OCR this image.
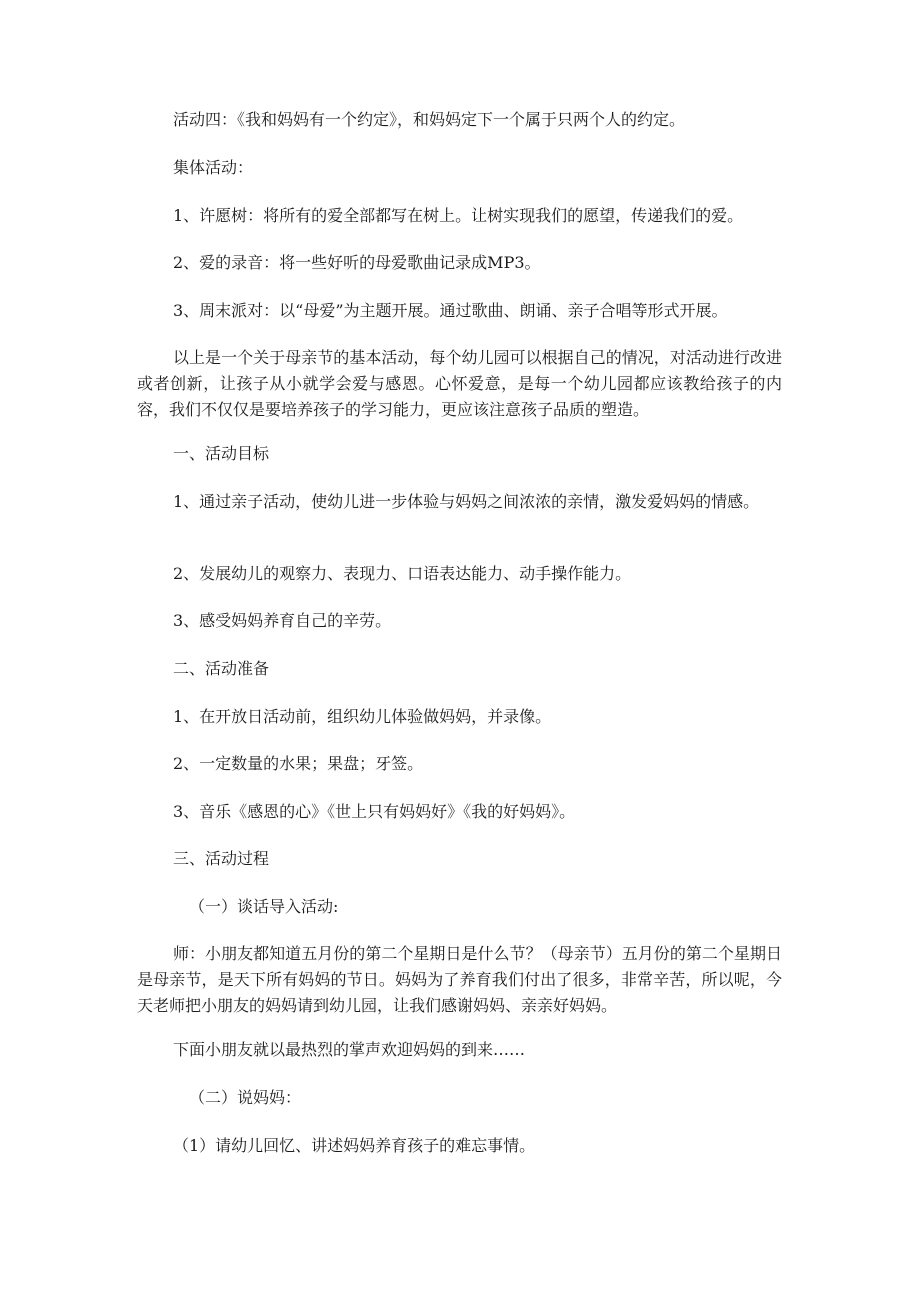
活动四：《我和妈妈有一个约定》，和妈妈定下一个属于只两个人的约定。

集体活动：

1、许愿树：将所有的爱全部都写在树上。让树实现我们的愿望，传递我们的爱。

2、爱的录音：将一些好听的母爱歌曲记录成MP3。

3、周末派对：以“母爱”为主题开展。通过歌曲、朗诵、亲子合唱等形式开展。

以上是一个关于母亲节的基本活动，每个幼儿园可以根据自己的情况，对活动进行改进或者创新，让孩子从小就学会爱与感恩。心怀爱意，是每一个幼儿园都应该教给孩子的内容，我们不仅仅是要培养孩子的学习能力，更应该注意孩子品质的塑造。

一、活动目标

1、通过亲子活动，使幼儿进一步体验与妈妈之间浓浓的亲情，激发爱妈妈的情感。

2、发展幼儿的观察力、表现力、口语表达能力、动手操作能力。

3、感受妈妈养育自己的辛劳。

二、活动准备

1、在开放日活动前，组织幼儿体验做妈妈，并录像。

2、一定数量的水果；果盘；牙签。

3、音乐《感恩的心》《世上只有妈妈好》《我的好妈妈》。

三、活动过程

（一）谈话导入活动:

师：小朋友都知道五月份的第二个星期日是什么节？（母亲节）五月份的第二个星期日是母亲节，是天下所有妈妈的节日。妈妈为了养育我们付出了很多，非常辛苦，所以呢，今天老师把小朋友的妈妈请到幼儿园，让我们感谢妈妈、亲亲好妈妈。

下面小朋友就以最热烈的掌声欢迎妈妈的到来……

（二）说妈妈：

（1）请幼儿回忆、讲述妈妈养育孩子的难忘事情。
